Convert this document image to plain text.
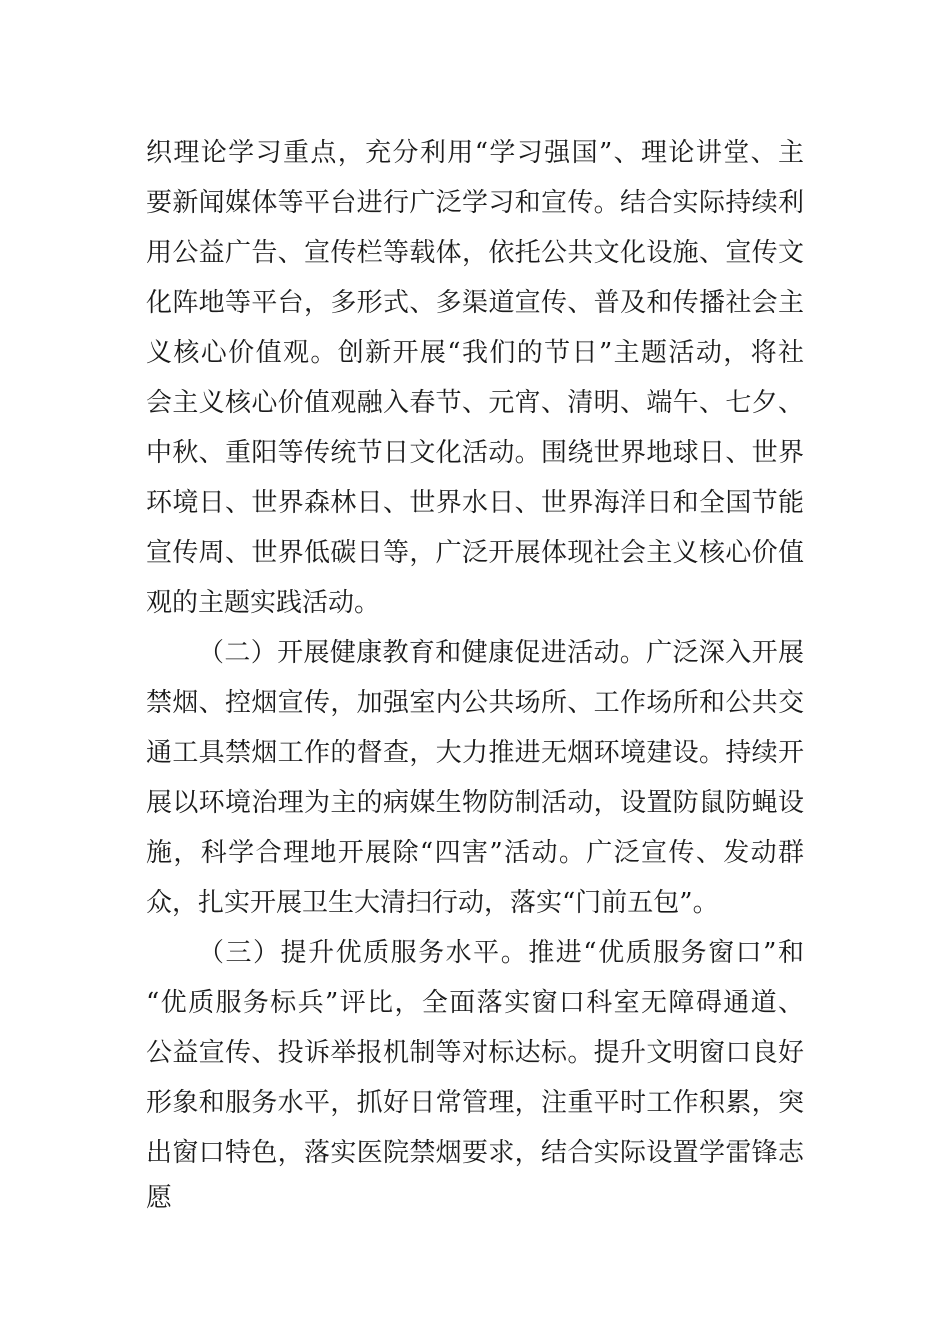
织理论学习重点，充分利用“学习强国”、理论讲堂、主
要新闻媒体等平台进行广泛学习和宣传。结合实际持续利
用公益广告、宣传栏等载体，依托公共文化设施、宣传文
化阵地等平台，多形式、多渠道宣传、普及和传播社会主
义核心价值观。创新开展“我们的节日”主题活动，将社
会主义核心价值观融入春节、元宵、清明、端午、七夕、
中秋、重阳等传统节日文化活动。围绕世界地球日、世界
环境日、世界森林日、世界水日、世界海洋日和全国节能
宣传周、世界低碳日等，广泛开展体现社会主义核心价值
观的主题实践活动。
（二）开展健康教育和健康促进活动。广泛深入开展
禁烟、控烟宣传，加强室内公共场所、工作场所和公共交
通工具禁烟工作的督查，大力推进无烟环境建设。持续开
展以环境治理为主的病媒生物防制活动，设置防鼠防蝇设
施，科学合理地开展除“四害”活动。广泛宣传、发动群
众，扎实开展卫生大清扫行动，落实“门前五包”。
（三）提升优质服务水平。推进“优质服务窗口”和
“优质服务标兵”评比，全面落实窗口科室无障碍通道、
公益宣传、投诉举报机制等对标达标。提升文明窗口良好
形象和服务水平，抓好日常管理，注重平时工作积累，突
出窗口特色，落实医院禁烟要求，结合实际设置学雷锋志
愿
